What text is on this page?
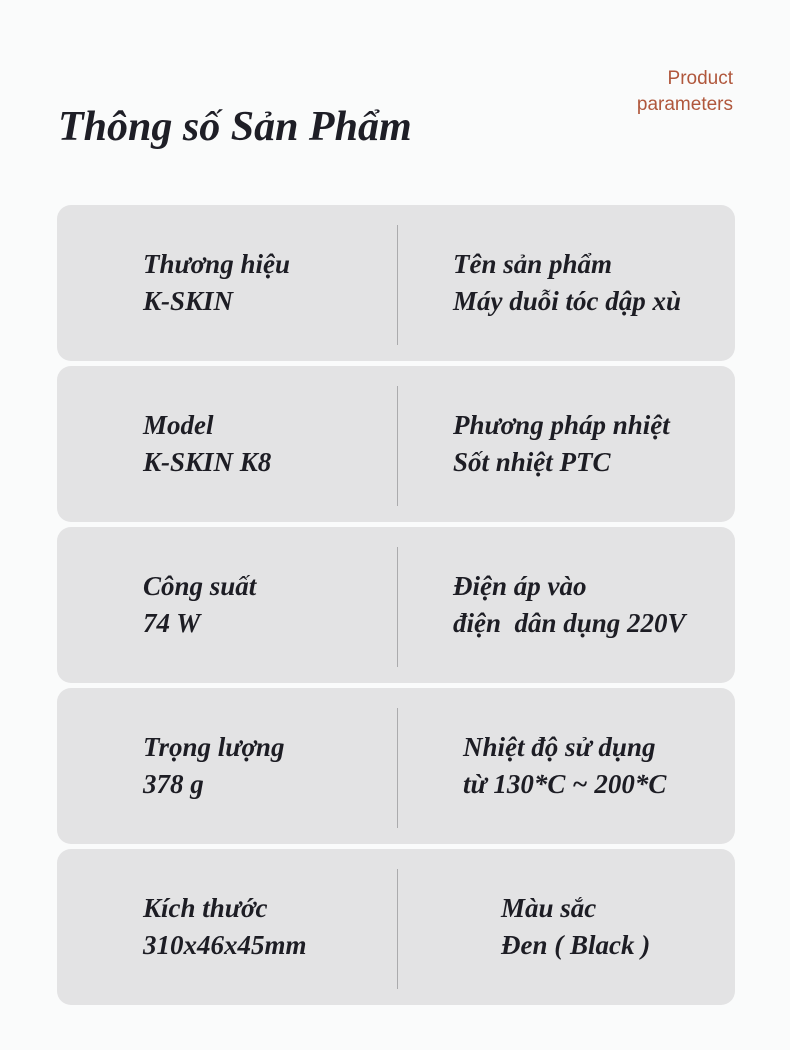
Thông số Sản Phẩm
Product
parameters
Thương hiệu
K-SKIN
Tên sản phẩm
Máy duỗi tóc dập xù
Model
K-SKIN K8
Phương pháp nhiệt
Sốt nhiệt PTC
Công suất
74 W
Điện áp vào
điện  dân dụng 220V
Trọng lượng
378 g
Nhiệt độ sử dụng
từ 130*C ~ 200*C
Kích thước
310x46x45mm
Màu sắc
Đen ( Black )
